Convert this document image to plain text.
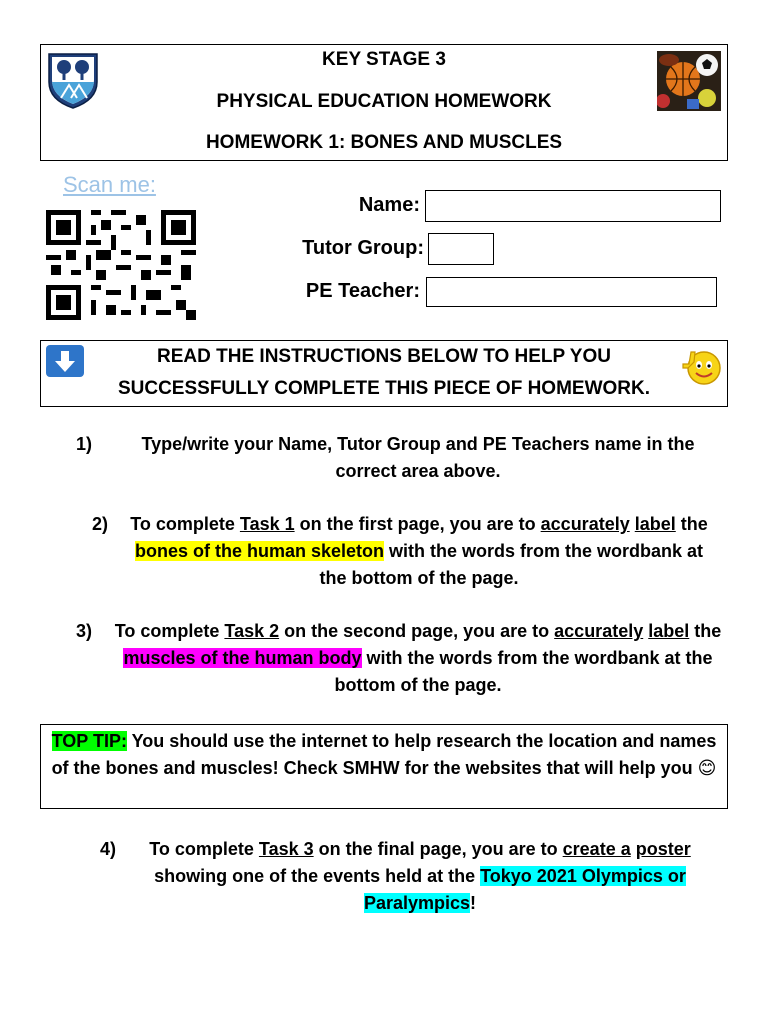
KEY STAGE 3
PHYSICAL EDUCATION HOMEWORK
HOMEWORK 1: BONES AND MUSCLES
Scan me:
Name:
Tutor Group:
PE Teacher:
READ THE INSTRUCTIONS BELOW TO HELP YOU
SUCCESSFULLY COMPLETE THIS PIECE OF HOMEWORK.
1)	Type/write your Name, Tutor Group and PE Teachers name in the correct area above.
2) To complete Task 1 on the first page, you are to accurately label the bones of the human skeleton with the words from the wordbank at the bottom of the page.
3) To complete Task 2 on the second page, you are to accurately label the muscles of the human body with the words from the wordbank at the bottom of the page.
TOP TIP: You should use the internet to help research the location and names of the bones and muscles! Check SMHW for the websites that will help you 😊
4)	To complete Task 3 on the final page, you are to create a poster showing one of the events held at the Tokyo 2021 Olympics or Paralympics!
